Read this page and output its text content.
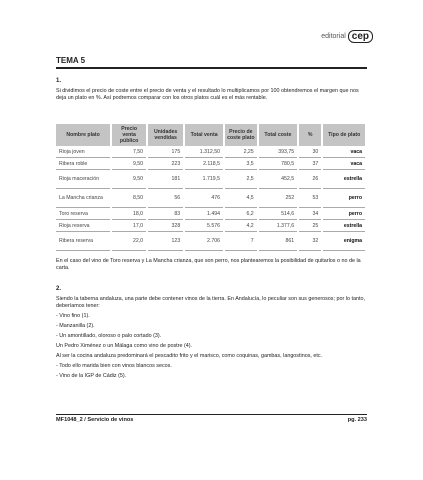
editorial cep
TEMA 5
1.
Si dividimos el precio de coste entre el precio de venta y el resultado lo multiplicamos por 100 obtendremos el margen que nos deja un plato en %. Así podremos comparar con los otros platos cuál es el más rentable.
Nombre plato	Precio venta público	Unidades vendidas	Total venta	Precio de coste plato	Total coste	%	Tipo de plato
Rioja joven	7,50	175	1.312,50	2,25	393,75	30	vaca
Ribera roble	9,50	223	2.118,5	3,5	780,5	37	vaca
Rioja maceración	9,50	181	1.719,5	2,5	452,5	26	estrella
La Mancha crianza	8,50	56	476	4,5	252	53	perro
Toro reserva	18,0	83	1.494	6,2	514,6	34	perro
Rioja reserva	17,0	328	5.576	4,2	1.377,6	25	estrella
Ribera reserva	22,0	123	2.706	7	861	32	enigma
En el caso del vino de Toro reserva y La Mancha crianza, que son perro, nos plantearemos la posibilidad de quitarlos o no de la carta.
2.
Siendo la taberna andaluza, una parte debe contener vinos de la tierra. En Andalucía, lo peculiar son sus generosos; por lo tanto, deberíamos tener:
- Vino fino (1).
- Manzanilla (2).
- Un amontillado, oloroso o palo cortado (3).
Un Pedro Ximénez o un Málaga como vino de postre (4).
Al ser la cocina andaluza predominará el pescadito frito y el marisco, como coquinas, gambas, langostinos, etc.
- Todo ello marida bien con vinos blancos secos.
- Vino de la IGP de Cádiz (5).
MF1048_2 / Servicio de vinos	pg. 233
